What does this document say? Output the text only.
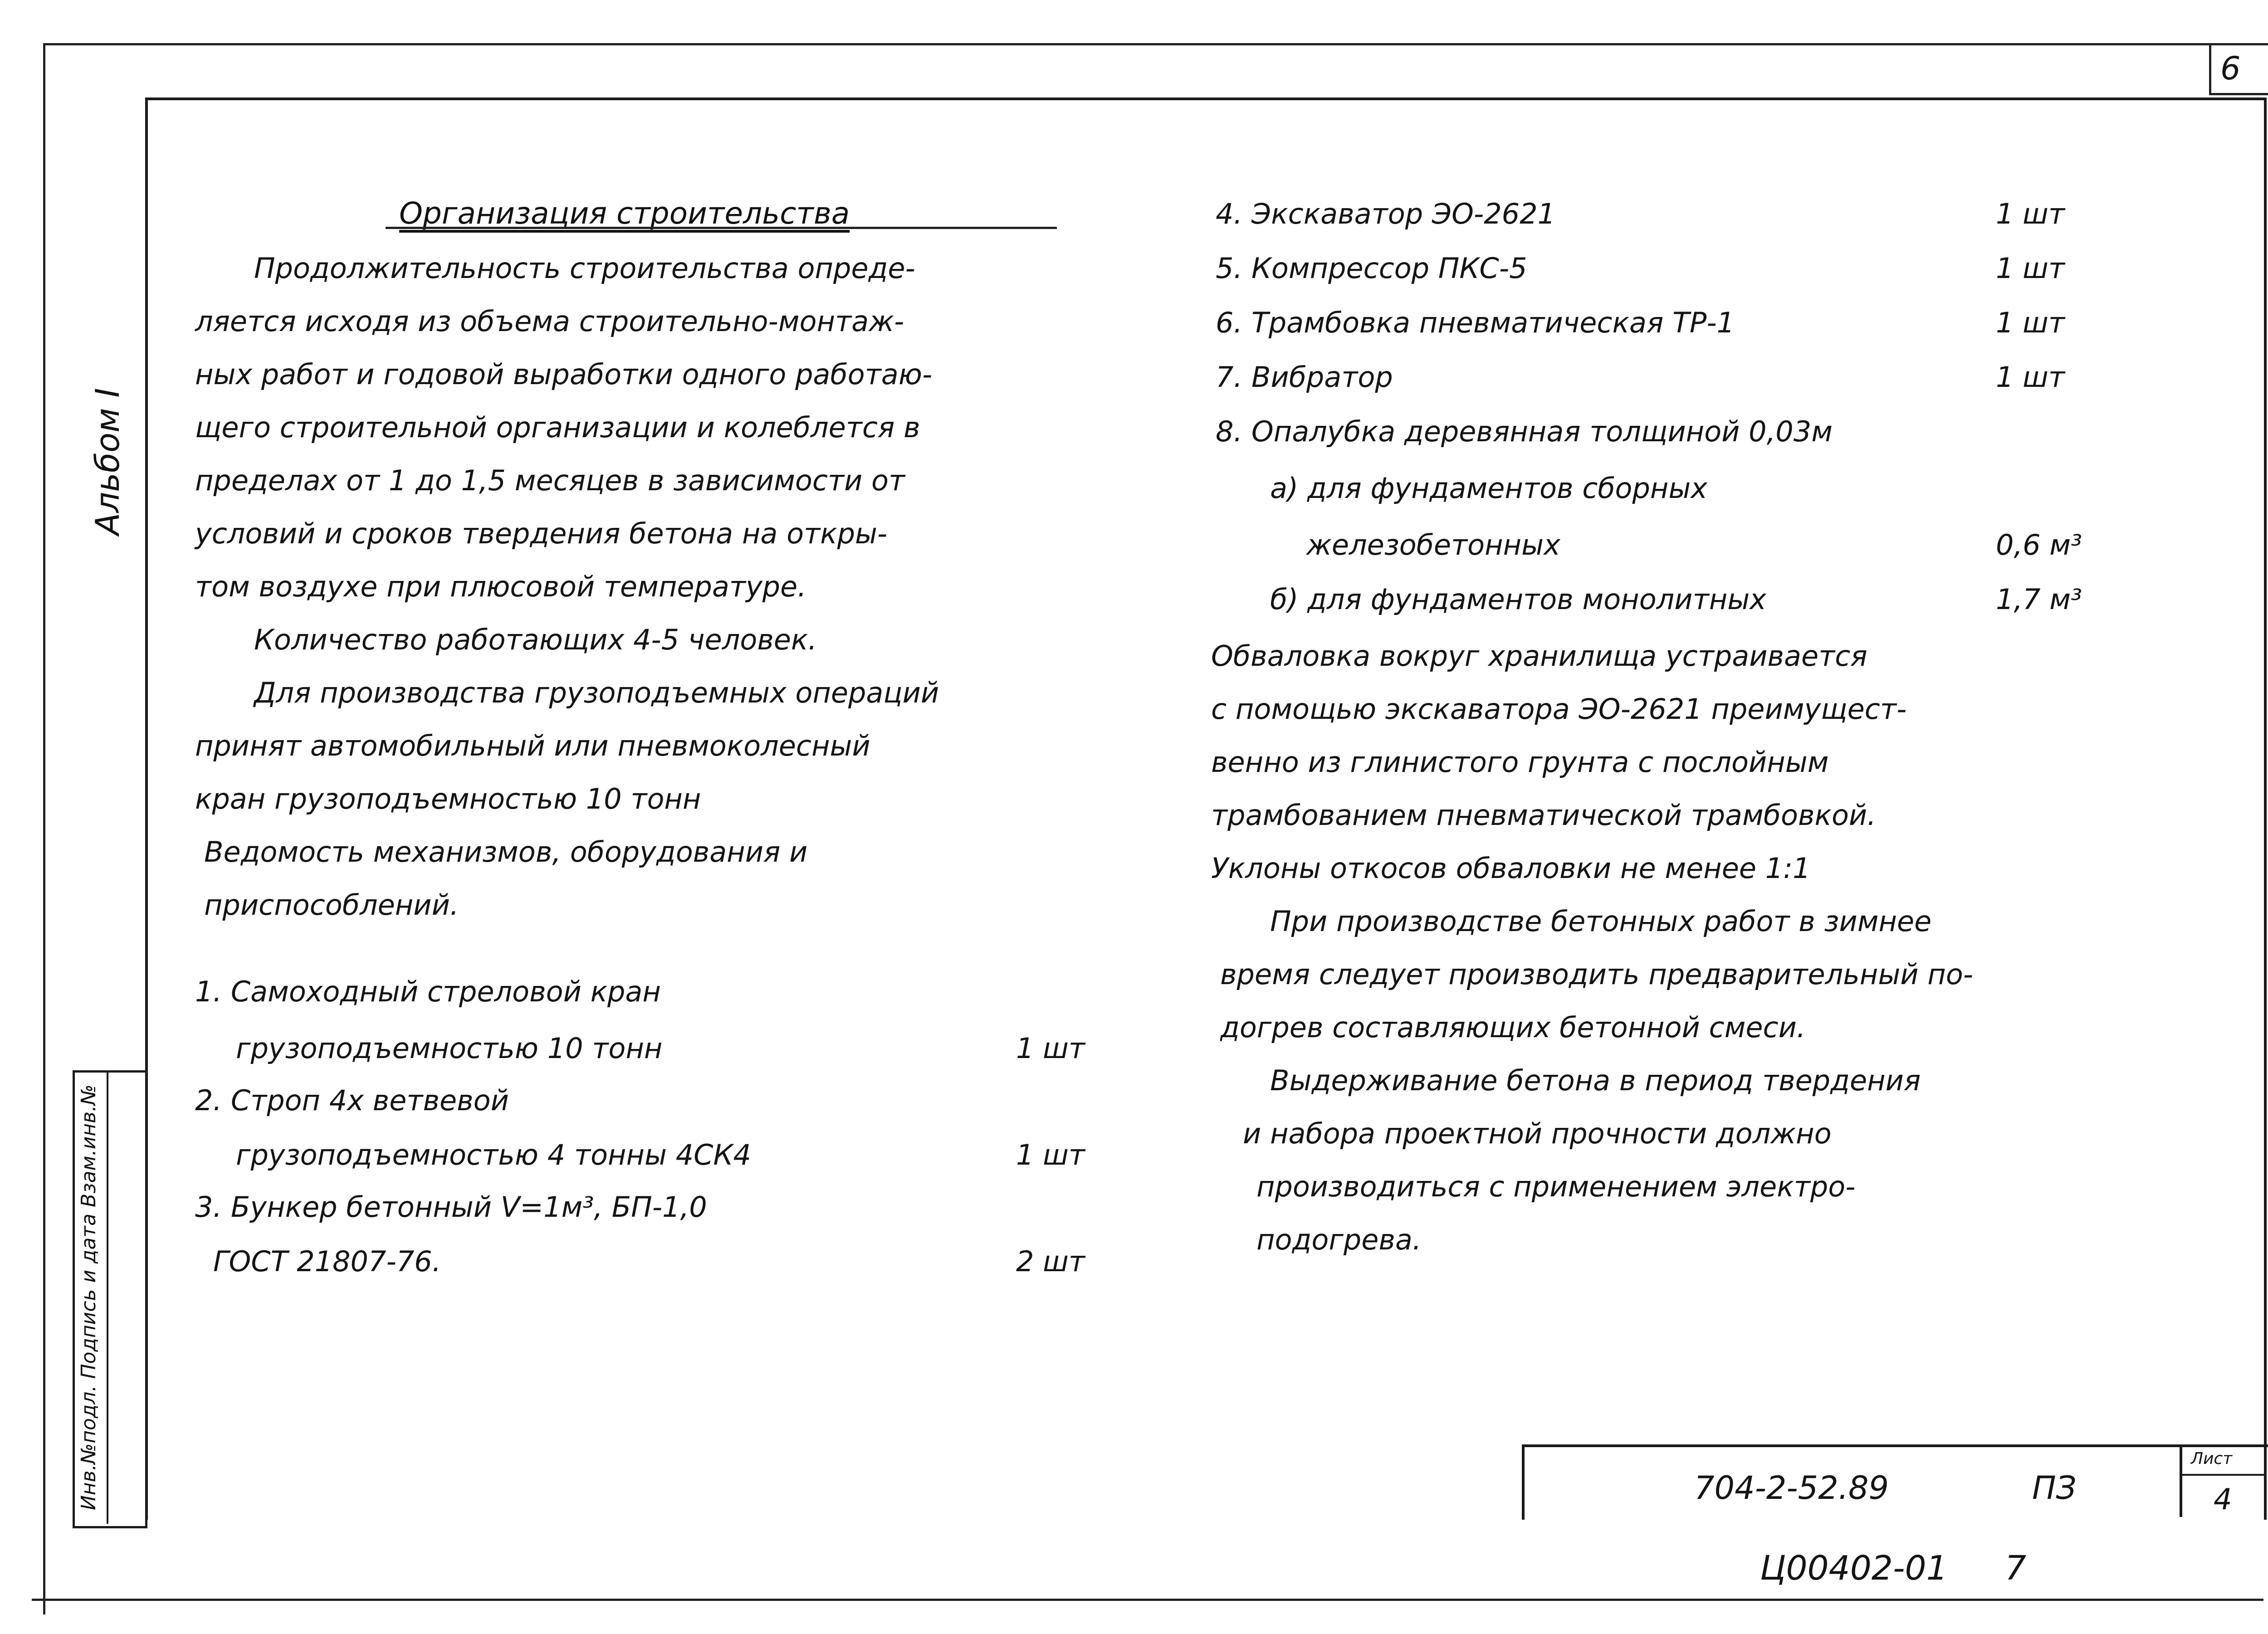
6
Альбом I
Инв.№подл. Подпись и дата Взам.инв.№
Организация строительства
Продолжительность строительства опреде-
ляется исходя из объема строительно-монтаж-
ных работ и годовой выработки одного работаю-
щего строительной организации и колеблется в
пределах от 1 до 1,5 месяцев в зависимости от
условий и сроков твердения бетона на откры-
том воздухе при плюсовой температуре.
Количество работающих 4-5 человек.
Для производства грузоподъемных операций
принят автомобильный или пневмоколесный
кран грузоподъемностью 10 тонн
Ведомость механизмов, оборудования и
приспособлений.
1. Самоходный стреловой кран
грузоподъемностью 10 тонн	1 шт
2. Строп 4х ветвевой
грузоподъемностью 4 тонны 4СК4	1 шт
3. Бункер бетонный V=1м³, БП-1,0
ГОСТ 21807-76.	2 шт
4. Экскаватор ЭО-2621	1 шт
5. Компрессор ПКС-5	1 шт
6. Трамбовка пневматическая ТР-1	1 шт
7. Вибратор	1 шт
8. Опалубка деревянная толщиной 0,03м
а) для фундаментов сборных
железобетонных	0,6 м³
б) для фундаментов монолитных	1,7 м³
Обваловка вокруг хранилища устраивается
с помощью экскаватора ЭО-2621 преимущест-
венно из глинистого грунта с послойным
трамбованием пневматической трамбовкой.
Уклоны откосов обваловки не менее 1:1
При производстве бетонных работ в зимнее
время следует производить предварительный по-
догрев составляющих бетонной смеси.
Выдерживание бетона в период твердения
и набора проектной прочности должно
производиться с применением электро-
подогрева.
704-2-52.89	ПЗ
Лист
4
Ц00402-01 7
